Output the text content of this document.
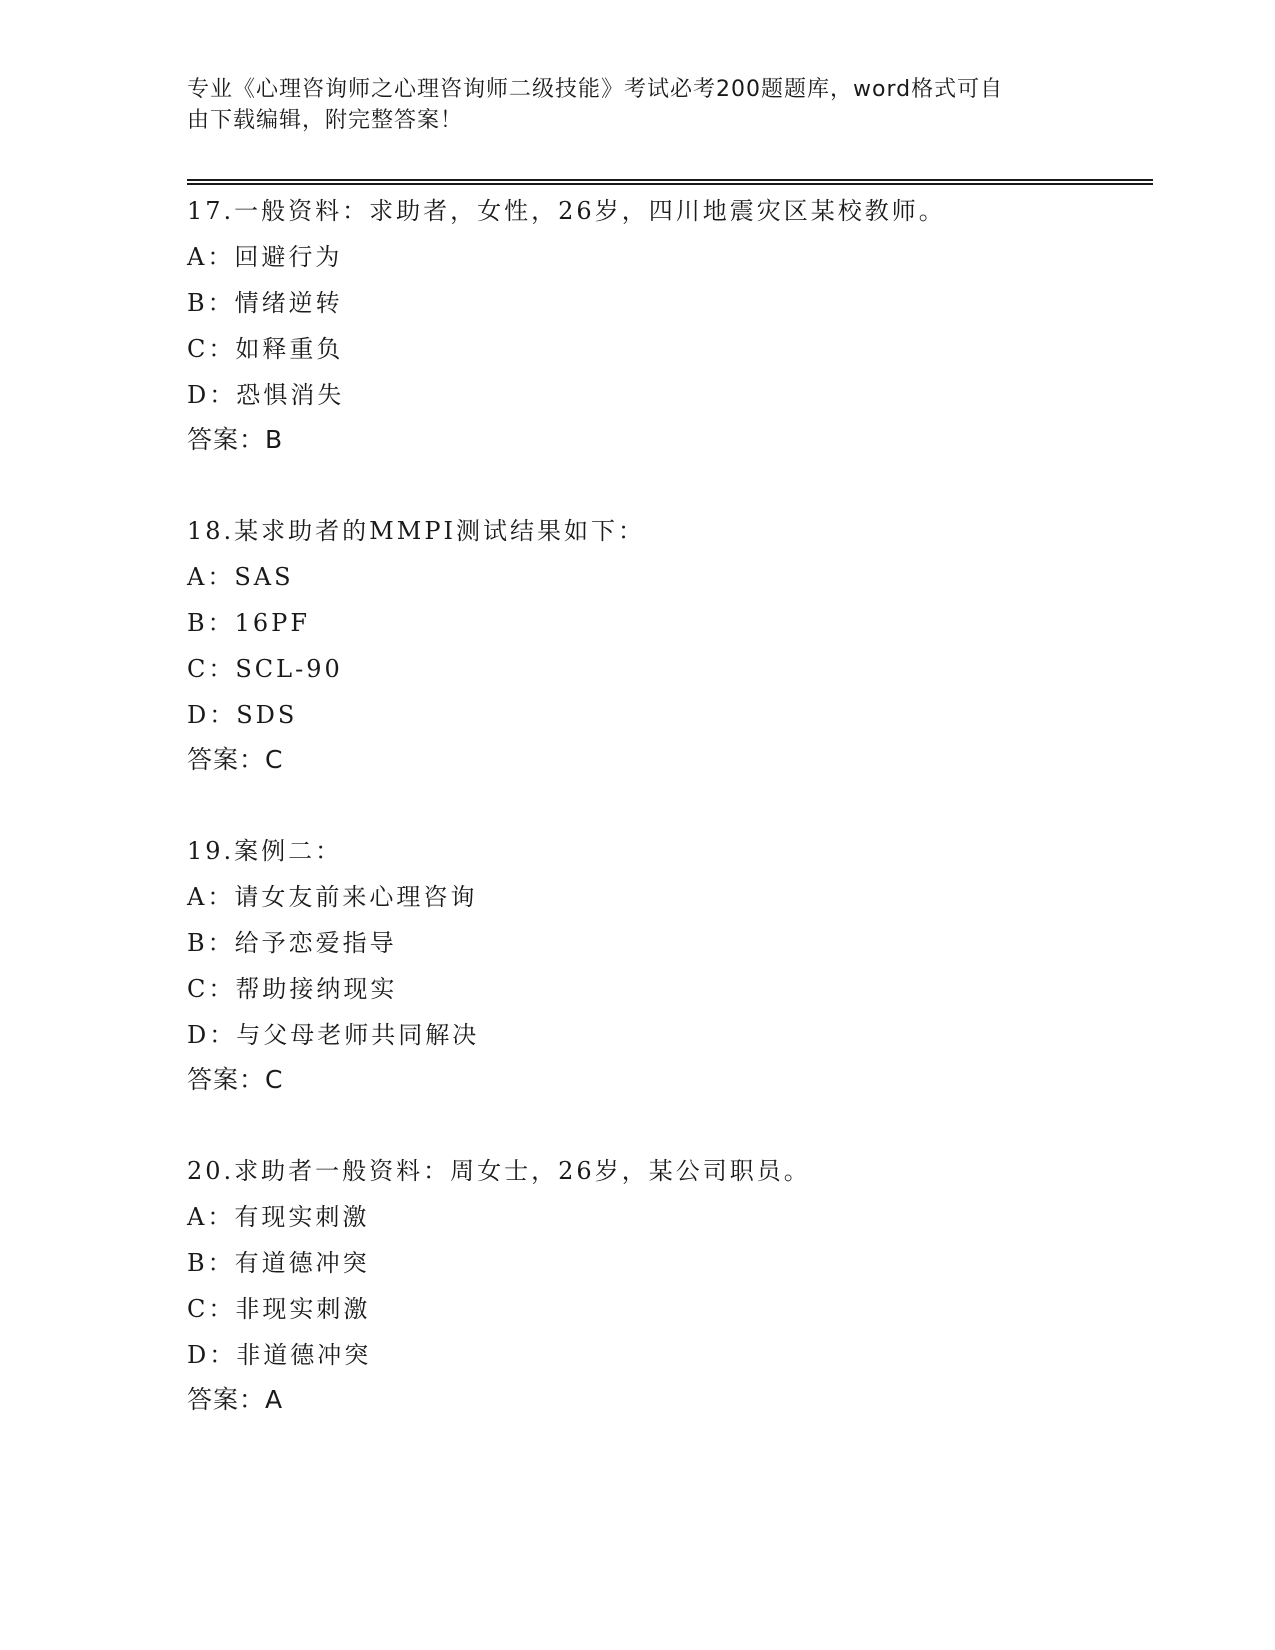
专业《心理咨询师之心理咨询师二级技能》考试必考200题题库，word格式可自

由下载编辑，附完整答案！

17.一般资料：求助者，女性，26岁，四川地震灾区某校教师。
A：回避行为
B：情绪逆转
C：如释重负
D：恐惧消失
答案：B
18.某求助者的MMPI测试结果如下：
A：SAS
B：16PF
C：SCL-90
D：SDS
答案：C
19.案例二：
A：请女友前来心理咨询
B：给予恋爱指导
C：帮助接纳现实
D：与父母老师共同解决
答案：C
20.求助者一般资料：周女士，26岁，某公司职员。
A：有现实刺激
B：有道德冲突
C：非现实刺激
D：非道德冲突
答案：A
